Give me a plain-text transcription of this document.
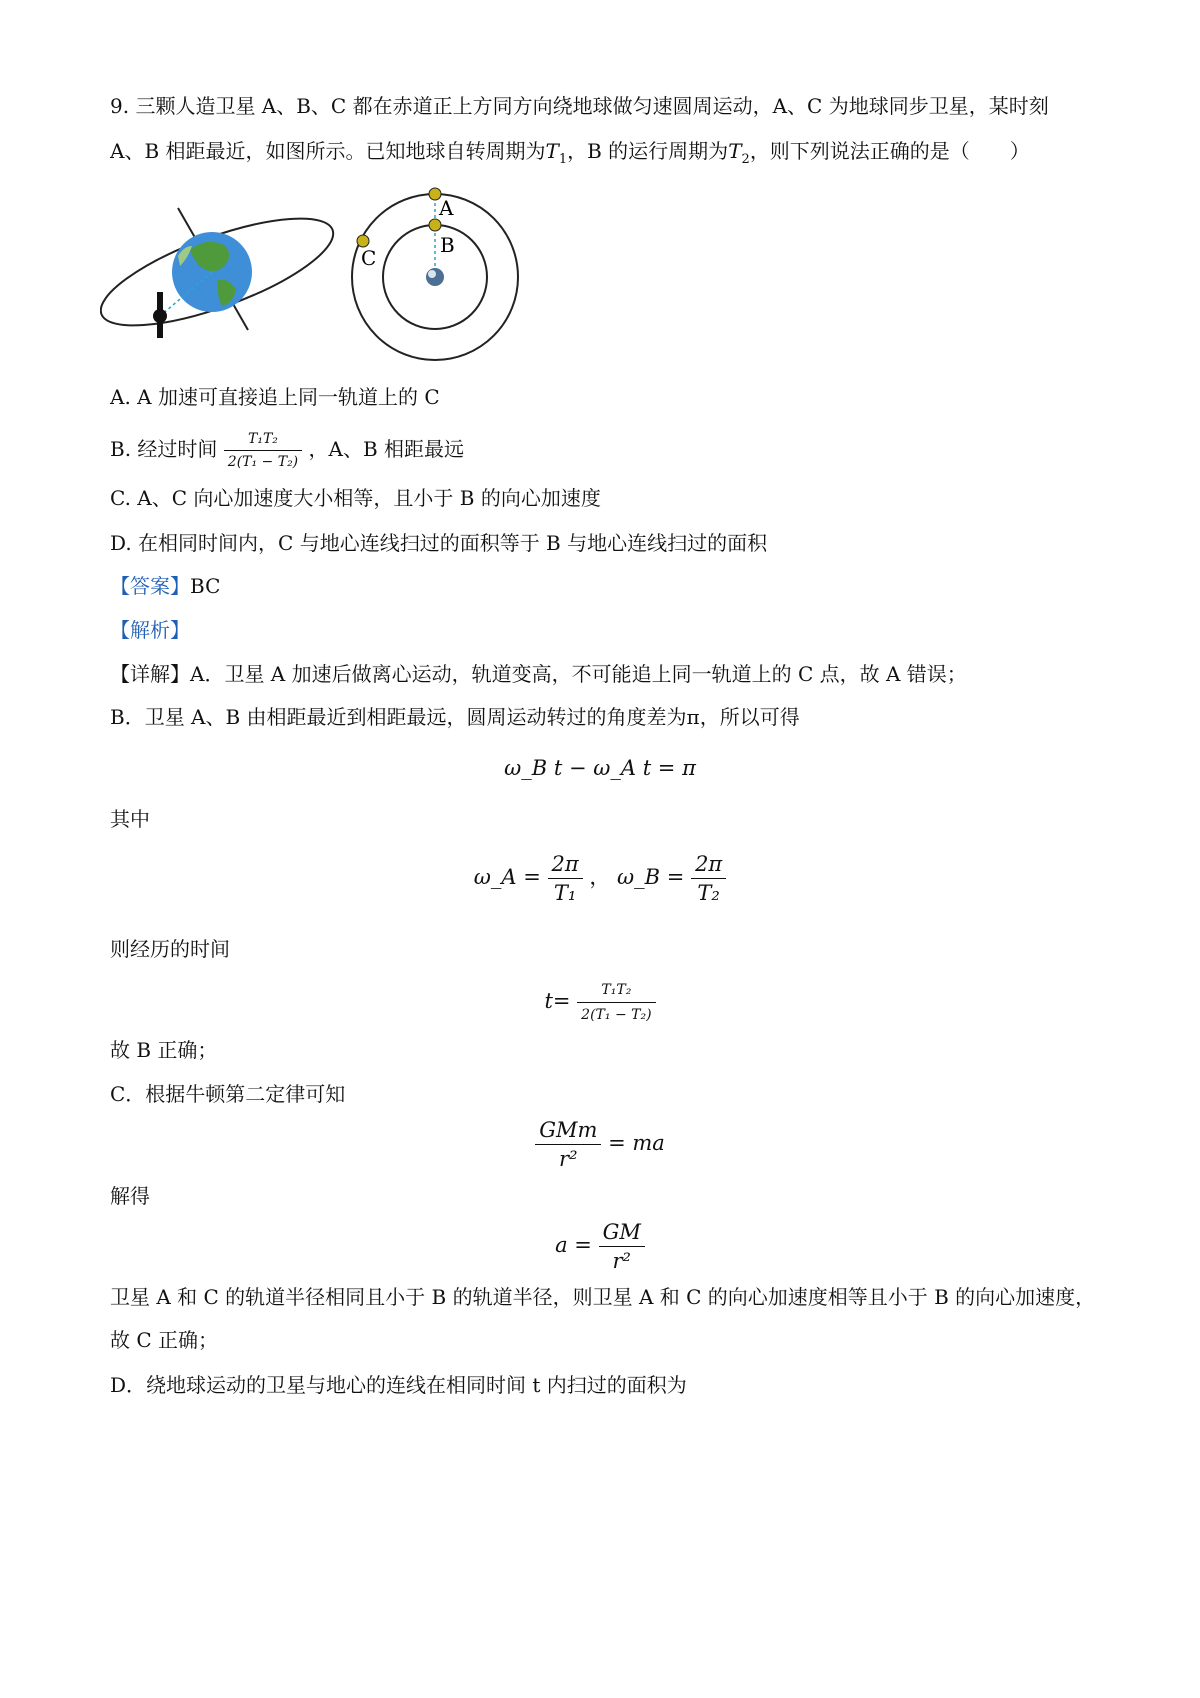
9. 三颗人造卫星 A、B、C 都在赤道正上方同方向绕地球做匀速圆周运动，A、C 为地球同步卫星，某时刻
A、B 相距最近，如图所示。已知地球自转周期为$T_1$，B 的运行周期为$T_2$，则下列说法正确的是（　　）
A
B
C
A. A 加速可直接追上同一轨道上的 C
B. 经过时间 $\frac{\text{T₁T₂}}{\text{2(T₁ − T₂)}}$ ，A、B 相距最远
C. A、C 向心加速度大小相等，且小于 B 的向心加速度
D. 在相同时间内，C 与地心连线扫过的面积等于 B 与地心连线扫过的面积
【答案】BC
【解析】
【详解】A．卫星 A 加速后做离心运动，轨道变高，不可能追上同一轨道上的 C 点，故 A 错误；
B．卫星 A、B 由相距最近到相距最远，圆周运动转过的角度差为π，所以可得
ω_B t − ω_A t = π
其中
ω_A = $\frac{2\pi}{\text{T₁}}$ ， ω_B = $\frac{2\pi}{\text{T₂}}$
则经历的时间
$t= \frac{\text{T₁T₂}}{\text{2(T₁ − T₂)}}$
故 B 正确；
C．根据牛顿第二定律可知
$\frac{\text{GMm}}{\text{r²}}$ = ma
解得
$a = \frac{GM}{\text{r²}}$
卫星 A 和 C 的轨道半径相同且小于 B 的轨道半径，则卫星 A 和 C 的向心加速度相等且小于 B 的向心加速度，
故 C 正确；
D．绕地球运动的卫星与地心的连线在相同时间 t 内扫过的面积为
